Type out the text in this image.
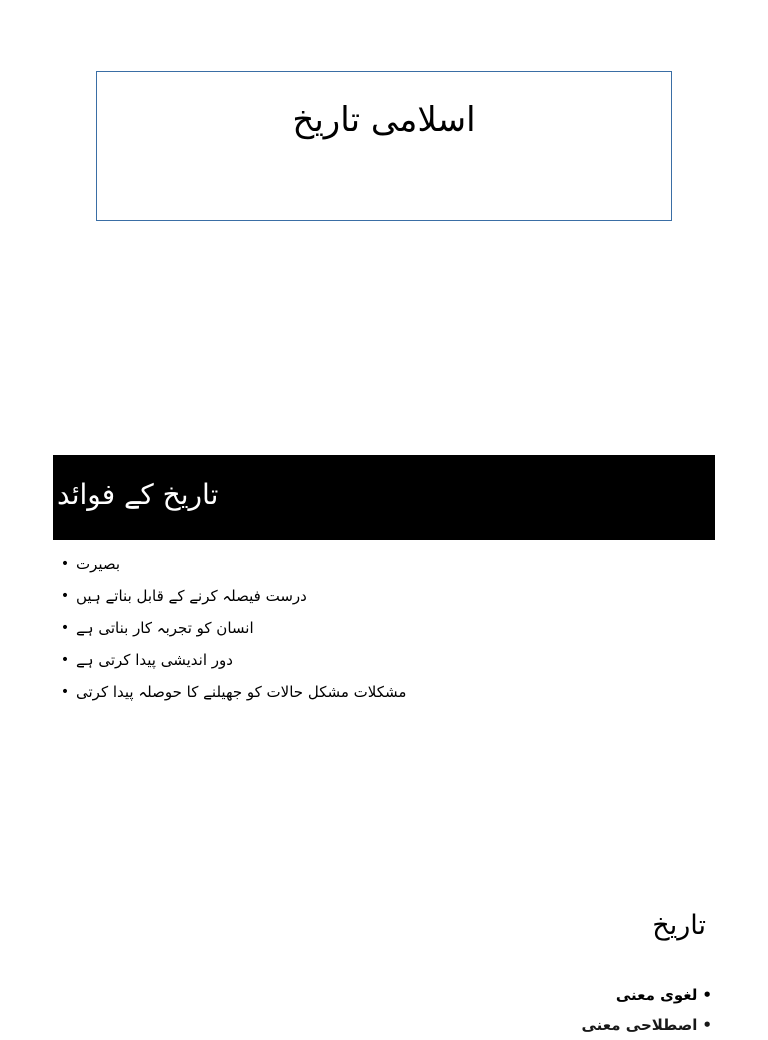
اسلامی تاریخ
تاریخ کے فوائد
• بصیرت
• درست فیصلہ کرنے کے قابل بناتے ہیں
• انسان کو تجربہ کار بناتی ہے
• دور اندیشی پیدا کرتی ہے
• مشکلات مشکل حالات کو جھیلنے کا حوصلہ پیدا کرتی
تاریخ
•
لغوی معنی
•
اصطلاحی معنی
